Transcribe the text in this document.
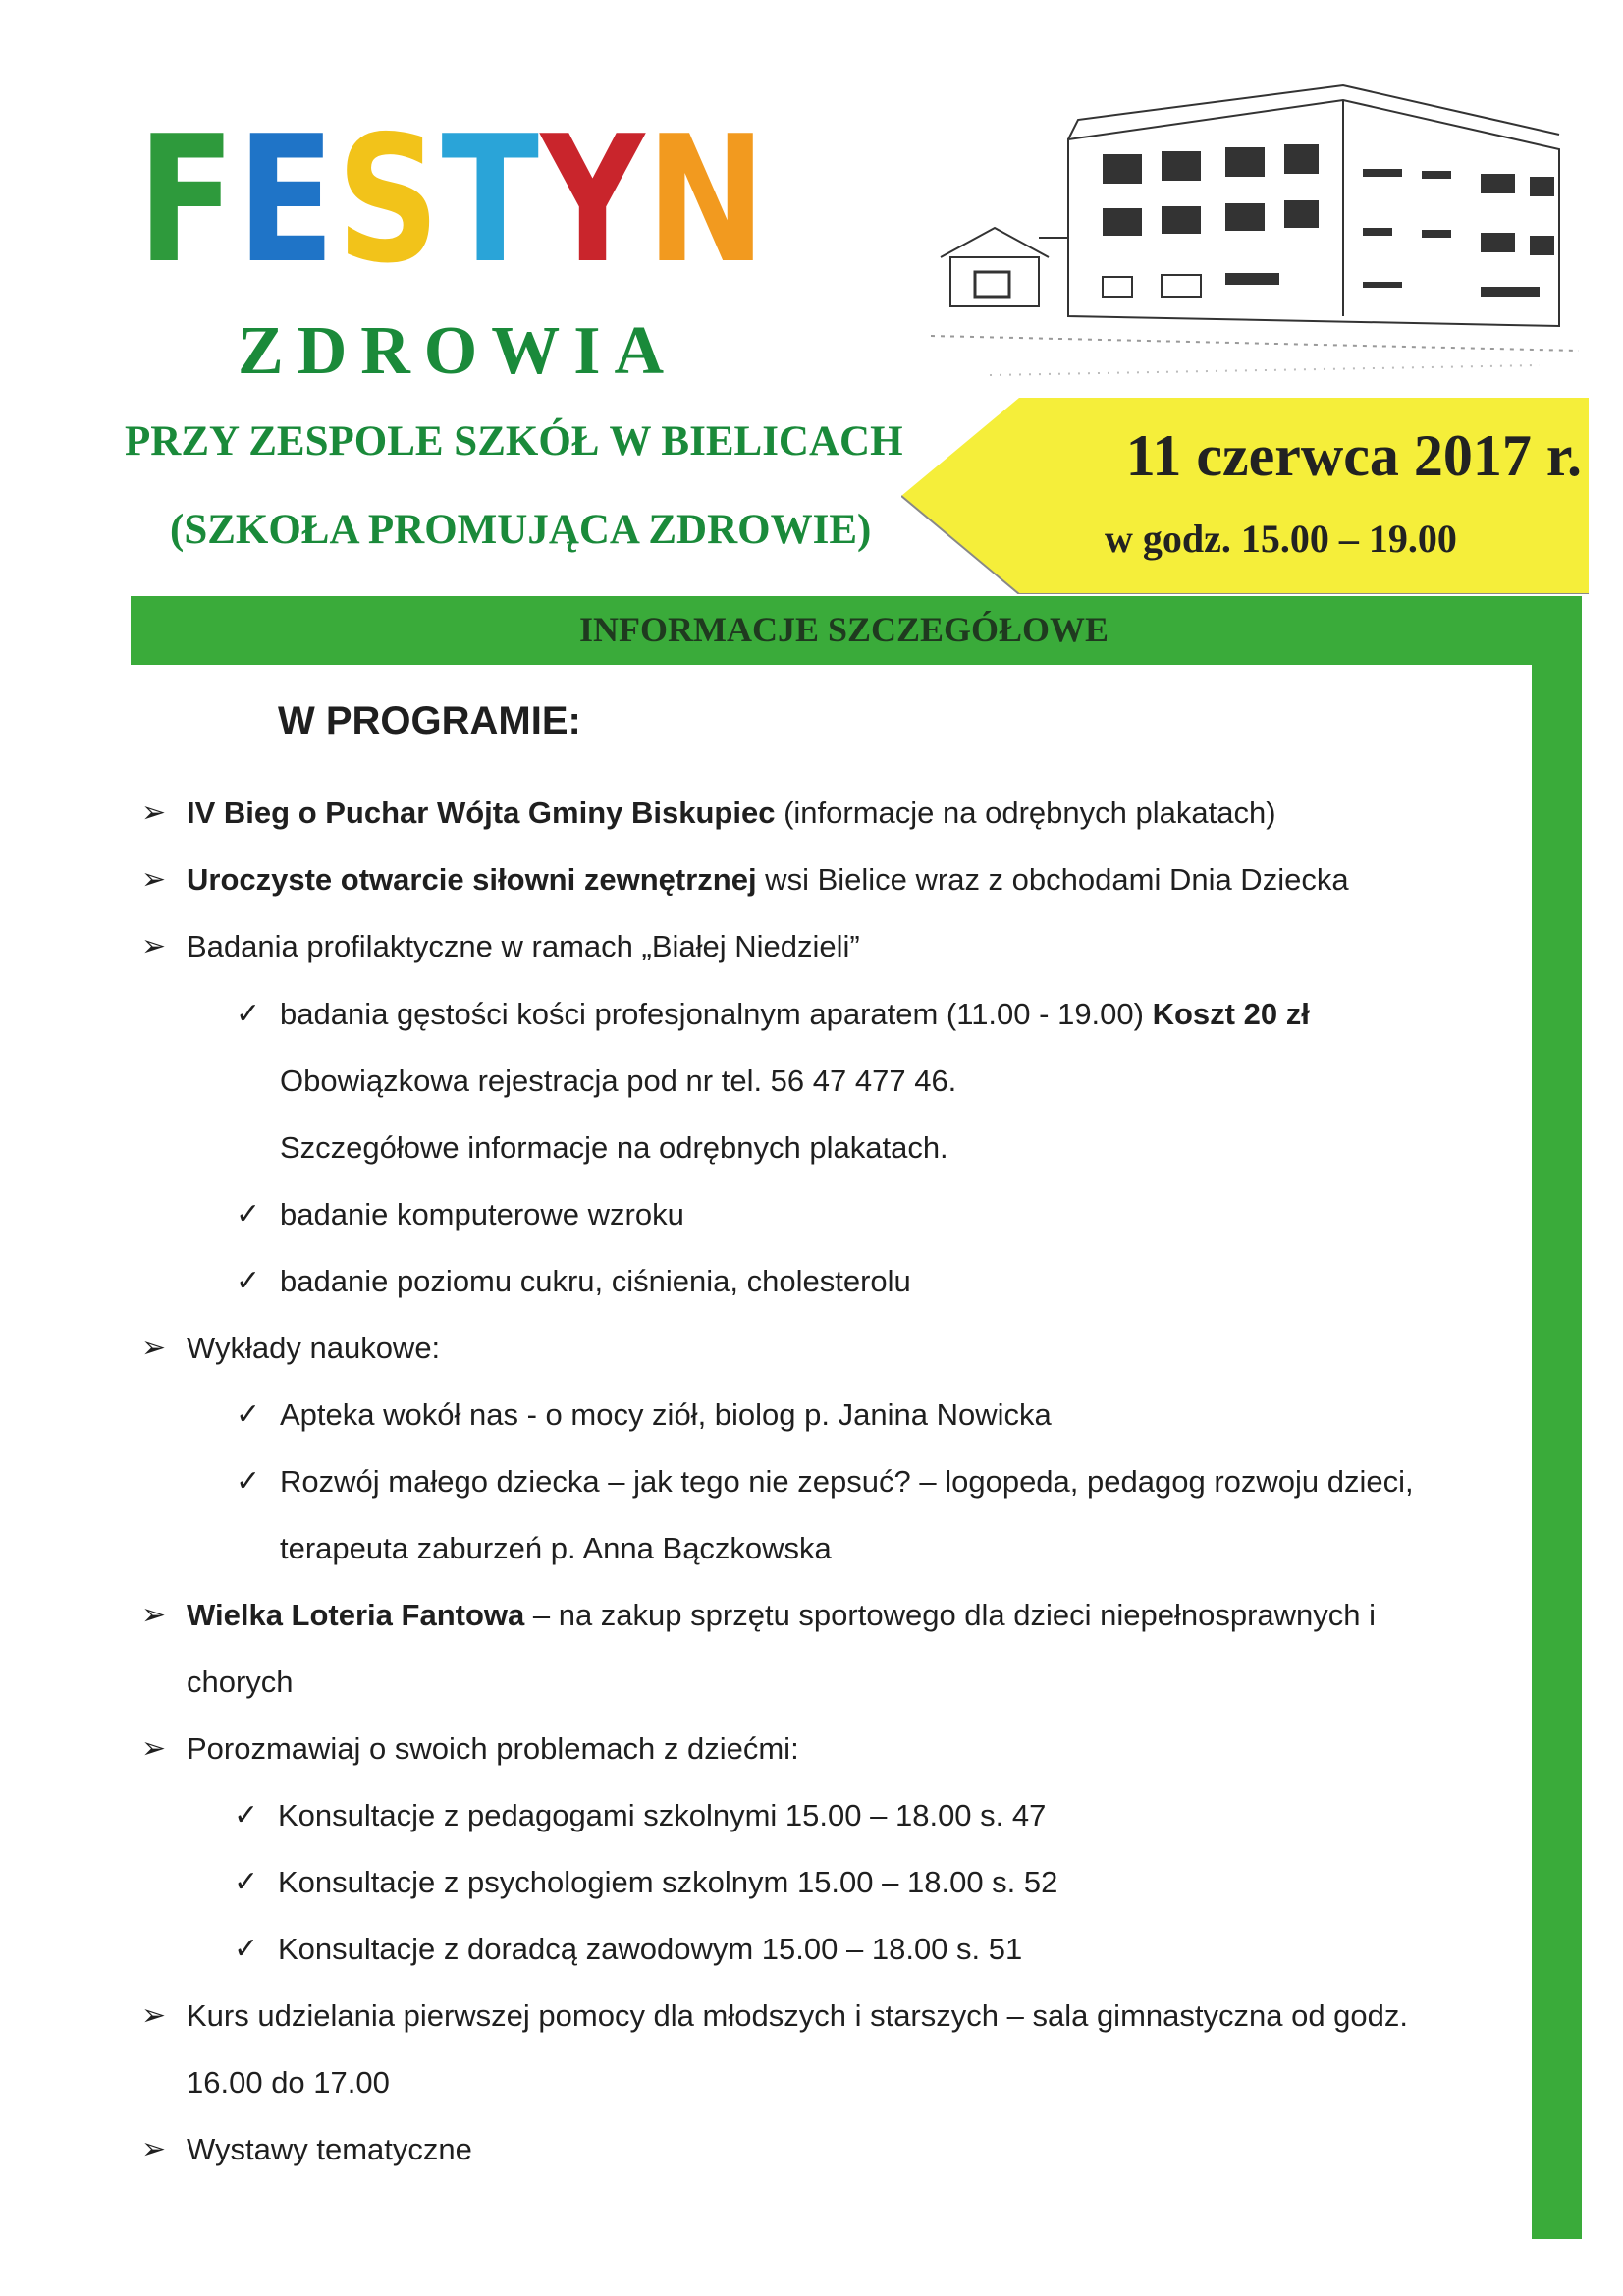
FESTYN
ZDROWIA
PRZY ZESPOLE SZKÓŁ W BIELICACH
(SZKOŁA PROMUJĄCA ZDROWIE)
11 czerwca 2017 r.
w godz. 15.00 – 19.00
INFORMACJE SZCZEGÓŁOWE
W PROGRAMIE:
➢ IV Bieg o Puchar Wójta Gminy Biskupiec (informacje na odrębnych plakatach)
➢ Uroczyste otwarcie siłowni zewnętrznej wsi Bielice wraz z obchodami Dnia Dziecka
➢ Badania profilaktyczne w ramach „Białej Niedzieli”
✓ badania gęstości kości profesjonalnym aparatem (11.00 - 19.00) Koszt 20 zł
Obowiązkowa rejestracja pod nr tel. 56 47 477 46.
Szczegółowe informacje na odrębnych plakatach.
✓ badanie komputerowe wzroku
✓ badanie poziomu cukru, ciśnienia, cholesterolu
➢ Wykłady naukowe:
✓ Apteka wokół nas - o mocy ziół, biolog p. Janina Nowicka
✓ Rozwój małego dziecka – jak tego nie zepsuć? – logopeda, pedagog rozwoju dzieci,
terapeuta zaburzeń p. Anna Bączkowska
➢ Wielka Loteria Fantowa – na zakup sprzętu sportowego dla dzieci niepełnosprawnych i
chorych
➢ Porozmawiaj o swoich problemach z dziećmi:
✓ Konsultacje z pedagogami szkolnymi 15.00 – 18.00 s. 47
✓ Konsultacje z psychologiem szkolnym 15.00 – 18.00 s. 52
✓ Konsultacje z doradcą zawodowym 15.00 – 18.00 s. 51
➢ Kurs udzielania pierwszej pomocy dla młodszych i starszych – sala gimnastyczna od godz.
16.00 do 17.00
➢ Wystawy tematyczne
